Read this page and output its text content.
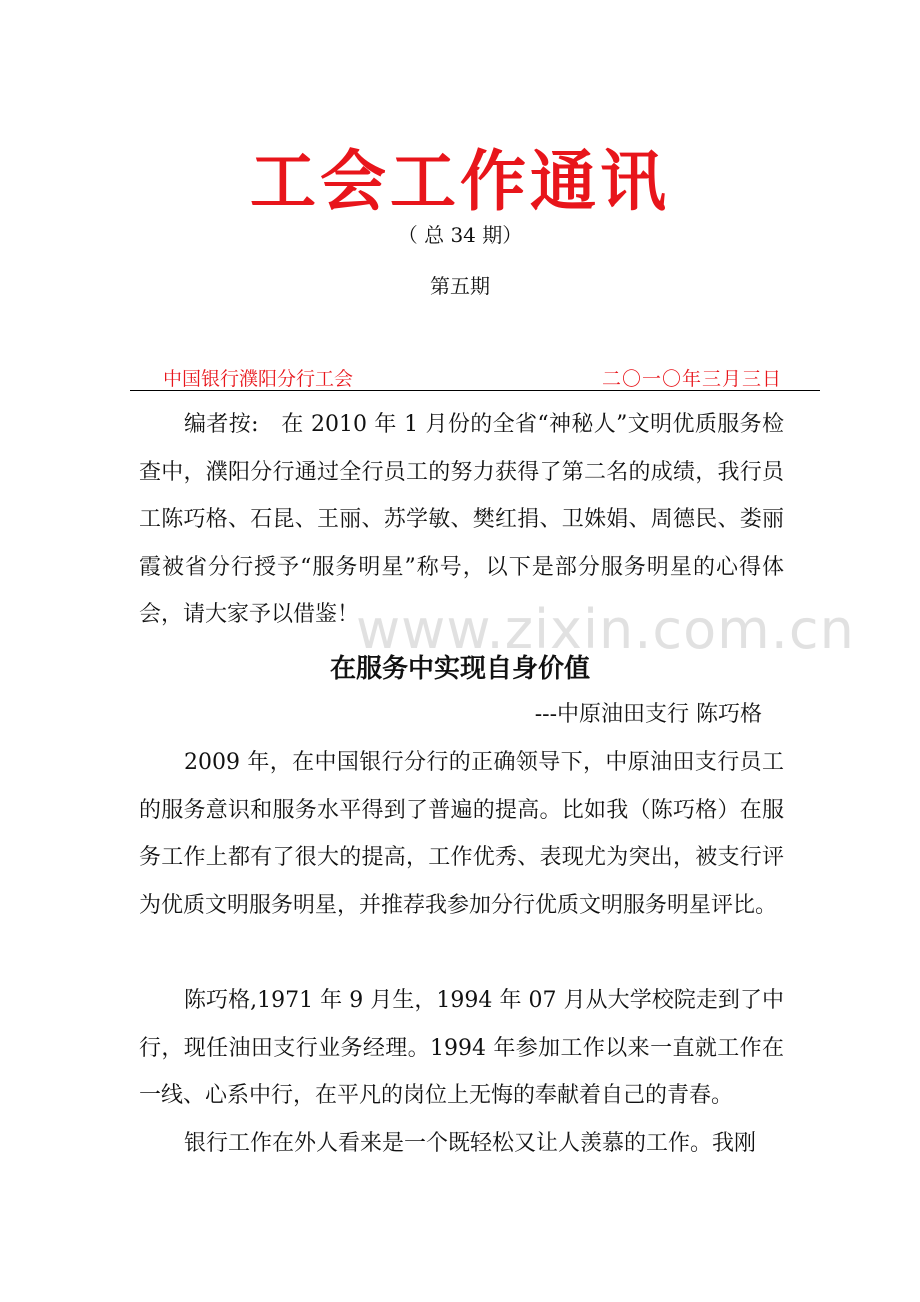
工会工作通讯
（ 总 34 期）
第五期
中国银行濮阳分行工会	二〇一〇年三月三日

编者按:　在 2010 年 1 月份的全省“神秘人”文明优质服务检查中，濮阳分行通过全行员工的努力获得了第二名的成绩，我行员工陈巧格、石昆、王丽、苏学敏、樊红捐、卫姝娟、周德民、娄丽霞被省分行授予“服务明星”称号，以下是部分服务明星的心得体会，请大家予以借鉴！

www.zixin.com.cn
在服务中实现自身价值
---中原油田支行 陈巧格

2009 年，在中国银行分行的正确领导下，中原油田支行员工的服务意识和服务水平得到了普遍的提高。比如我（陈巧格）在服务工作上都有了很大的提高，工作优秀、表现尤为突出，被支行评为优质文明服务明星，并推荐我参加分行优质文明服务明星评比。

陈巧格,1971 年 9 月生，1994 年 07 月从大学校院走到了中行，现任油田支行业务经理。1994 年参加工作以来一直就工作在一线、心系中行，在平凡的岗位上无悔的奉献着自己的青春。

银行工作在外人看来是一个既轻松又让人羡慕的工作。我刚
